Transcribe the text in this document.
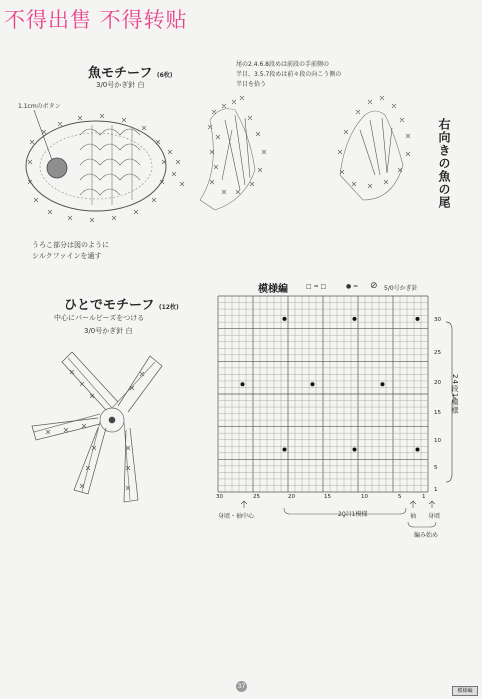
不得出售 不得转贴
魚モチーフ (6枚)
3/0号かぎ針 白
1.1cmのボタン
うろこ部分は図のように
シルクファインを通す
尾の2.4.6.8段めは前段の手前側の
半目、3.5.7段めは前々段の向こう側の
半目を拾う
右向きの魚の尾
ひとでモチーフ (12枚)
中心にパールビーズをつける
3/0号かぎ針 白
模様編	□ = □	● = ⊘ 5/0号かぎ針
30
25
20
15
10
5
1
24段1模様
30	25	20	15	10	5	1
身頃・袖中心	20目1模様	袖 身頃
編み始め
37
模様編
